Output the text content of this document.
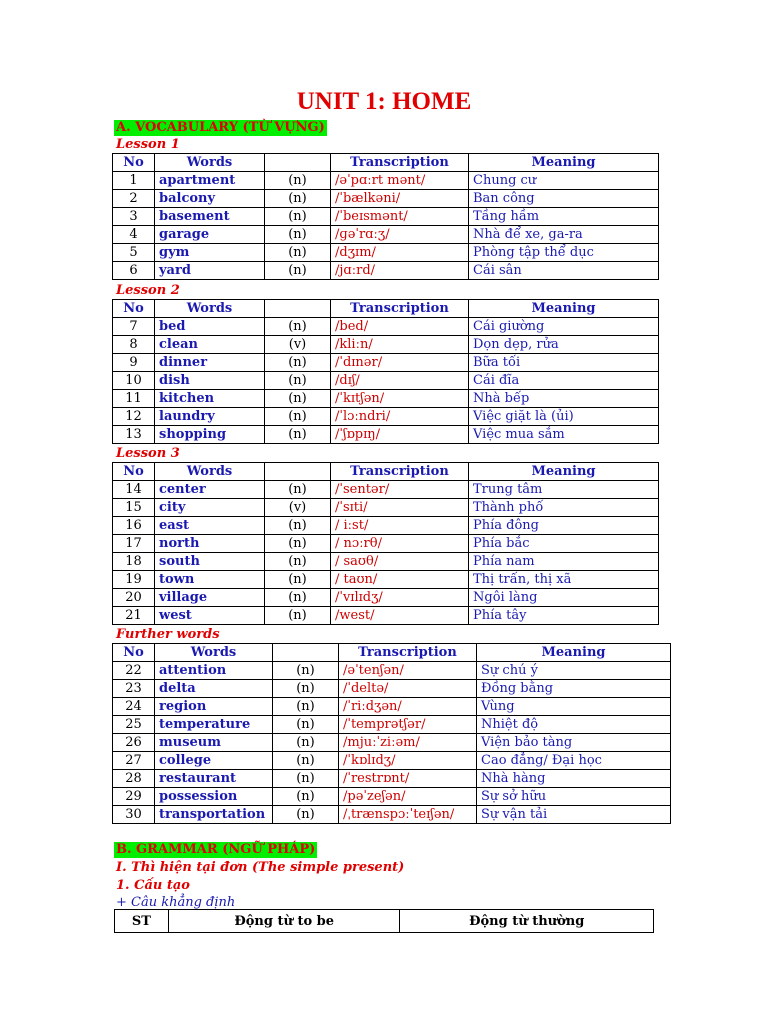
UNIT 1: HOME
A. VOCABULARY (TỪ VỰNG)
Lesson 1
No	Words		Transcription	Meaning
1	apartment	(n)	/əˈpɑːrt mənt/	Chung cư
2	balcony	(n)	/ˈbælkəni/	Ban công
3	basement	(n)	/ˈbeɪsmənt/	Tầng hầm
4	garage	(n)	/ɡəˈrɑːʒ/	Nhà để xe, ga-ra
5	gym	(n)	/dʒɪm/	Phòng tập thể dục
6	yard	(n)	/jɑːrd/	Cái sân
Lesson 2
No	Words		Transcription	Meaning
7	bed	(n)	/bed/	Cái giường
8	clean	(v)	/kliːn/	Dọn dẹp, rửa
9	dinner	(n)	/ˈdɪnər/	Bữa tối
10	dish	(n)	/dɪʃ/	Cái đĩa
11	kitchen	(n)	/ˈkɪtʃən/	Nhà bếp
12	laundry	(n)	/ˈlɔːndri/	Việc giặt là (ủi)
13	shopping	(n)	/ˈʃɒpɪŋ/	Việc mua sắm
Lesson 3
No	Words		Transcription	Meaning
14	center	(n)	/ˈsentər/	Trung tâm
15	city	(v)	/ˈsɪti/	Thành phố
16	east	(n)	/ iːst/	Phía đông
17	north	(n)	/ nɔːrθ/	Phía bắc
18	south	(n)	/ saʊθ/	Phía nam
19	town	(n)	/ taʊn/	Thị trấn, thị xã
20	village	(n)	/ˈvɪlɪdʒ/	Ngôi làng
21	west	(n)	/west/	Phía tây
Further words
No	Words		Transcription	Meaning
22	attention	(n)	/əˈtenʃən/	Sự chú ý
23	delta	(n)	/ˈdeltə/	Đồng bằng
24	region	(n)	/ˈriːdʒən/	Vùng
25	temperature	(n)	/ˈtemprətʃər/	Nhiệt độ
26	museum	(n)	/mjuːˈziːəm/	Viện bảo tàng
27	college	(n)	/ˈkɒlɪdʒ/	Cao đẳng/ Đại học
28	restaurant	(n)	/ˈrestrɒnt/	Nhà hàng
29	possession	(n)	/pəˈzeʃən/	Sự sở hữu
30	transportation	(n)	/ˌtrænspɔːˈteɪʃən/	Sự vận tải
B. GRAMMAR (NGỮ PHÁP)
I. Thì hiện tại đơn (The simple present)
1. Cấu tạo
+ Câu khẳng định
ST	Động từ to be	Động từ thường
